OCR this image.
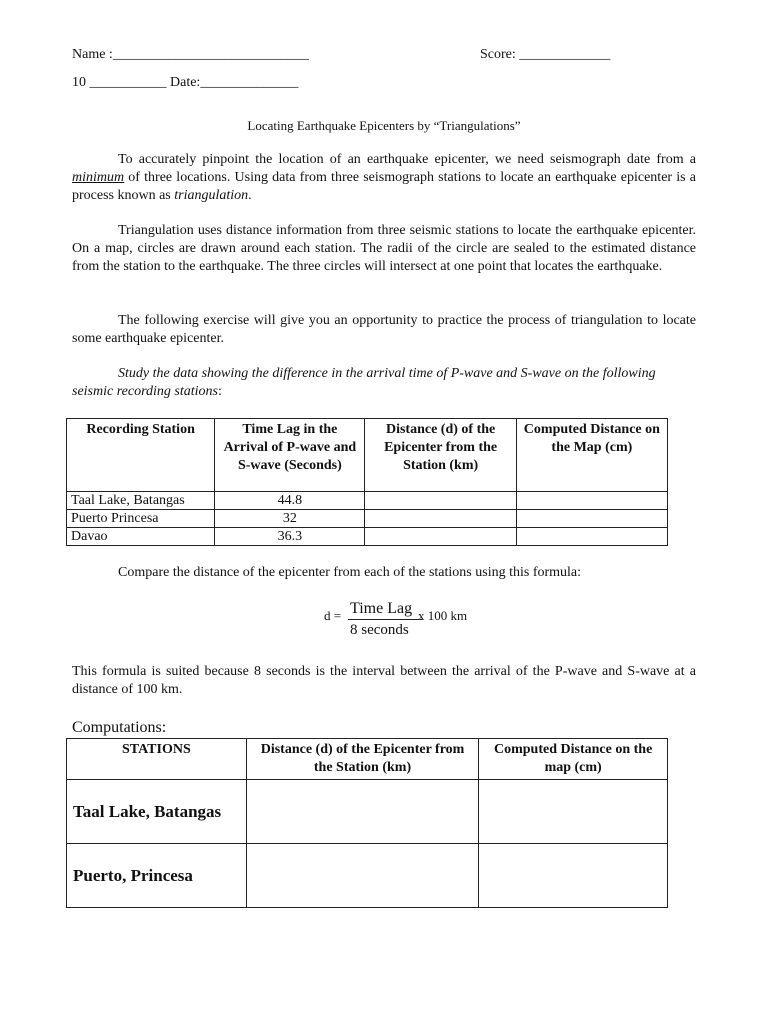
Name :____________________________	Score: _____________
10 ___________ Date:______________
Locating Earthquake Epicenters by “Triangulations”

To accurately pinpoint the location of an earthquake epicenter, we need seismograph date from a minimum of three locations. Using data from three seismograph stations to locate an earthquake epicenter is a process known as triangulation.

Triangulation uses distance information from three seismic stations to locate the earthquake epicenter. On a map, circles are drawn around each station. The radii of the circle are sealed to the estimated distance from the station to the earthquake. The three circles will intersect at one point that locates the earthquake.

The following exercise will give you an opportunity to practice the process of triangulation to locate some earthquake epicenter.

Study the data showing the difference in the arrival time of P-wave and S-wave on the following seismic recording stations:

Recording Station	Time Lag in the Arrival of P-wave and S-wave (Seconds)	Distance (d) of the Epicenter from the Station (km)	Computed Distance on the Map (cm)
Taal Lake, Batangas	44.8		
Puerto Princesa	32		
Davao	36.3		
Compare the distance of the epicenter from each of the stations using this formula:
d = Time Lag x 100 km
8 seconds

This formula is suited because 8 seconds is the interval between the arrival of the P-wave and S-wave at a distance of 100 km.

Computations:
STATIONS	Distance (d) of the Epicenter from the Station (km)	Computed Distance on the map (cm)
Taal Lake, Batangas		
Puerto, Princesa		
